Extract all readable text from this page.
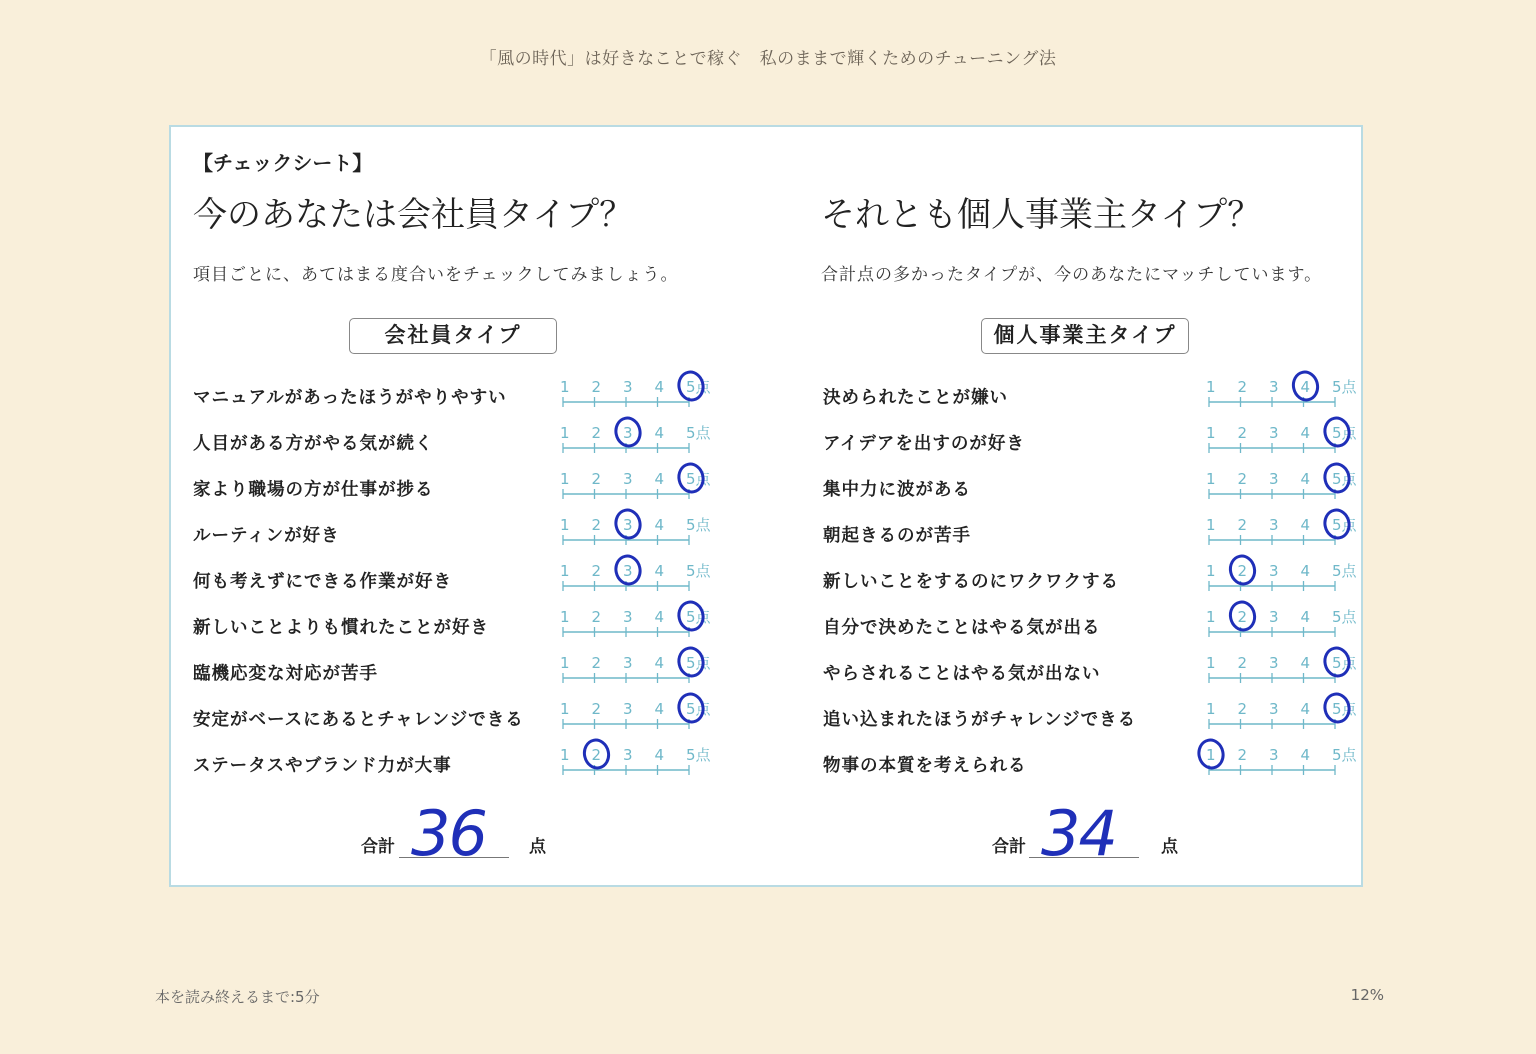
「風の時代」は好きなことで稼ぐ　私のままで輝くためのチューニング法
【チェックシート】
今のあなたは会社員タイプ？	それとも個人事業主タイプ？
項目ごとに、あてはまる度合いをチェックしてみましょう。	合計点の多かったタイプが、今のあなたにマッチしています。
会社員タイプ	個人事業主タイプ
マニュアルがあったほうがやりやすい
1 2 3 4 5点
人目がある方がやる気が続く
1 2 3 4 5点
家より職場の方が仕事が捗る
1 2 3 4 5点
ルーティンが好き
1 2 3 4 5点
何も考えずにできる作業が好き
1 2 3 4 5点
新しいことよりも慣れたことが好き
1 2 3 4 5点
臨機応変な対応が苦手
1 2 3 4 5点
安定がベースにあるとチャレンジできる
1 2 3 4 5点
ステータスやブランド力が大事
1 2 3 4 5点
決められたことが嫌い
1 2 3 4 5点
アイデアを出すのが好き
1 2 3 4 5点
集中力に波がある
1 2 3 4 5点
朝起きるのが苦手
1 2 3 4 5点
新しいことをするのにワクワクする
1 2 3 4 5点
自分で決めたことはやる気が出る
1 2 3 4 5点
やらされることはやる気が出ない
1 2 3 4 5点
追い込まれたほうがチャレンジできる
1 2 3 4 5点
物事の本質を考えられる
1 2 3 4 5点
合計 36	点	合計 34	点
本を読み終えるまで:5分	12%
